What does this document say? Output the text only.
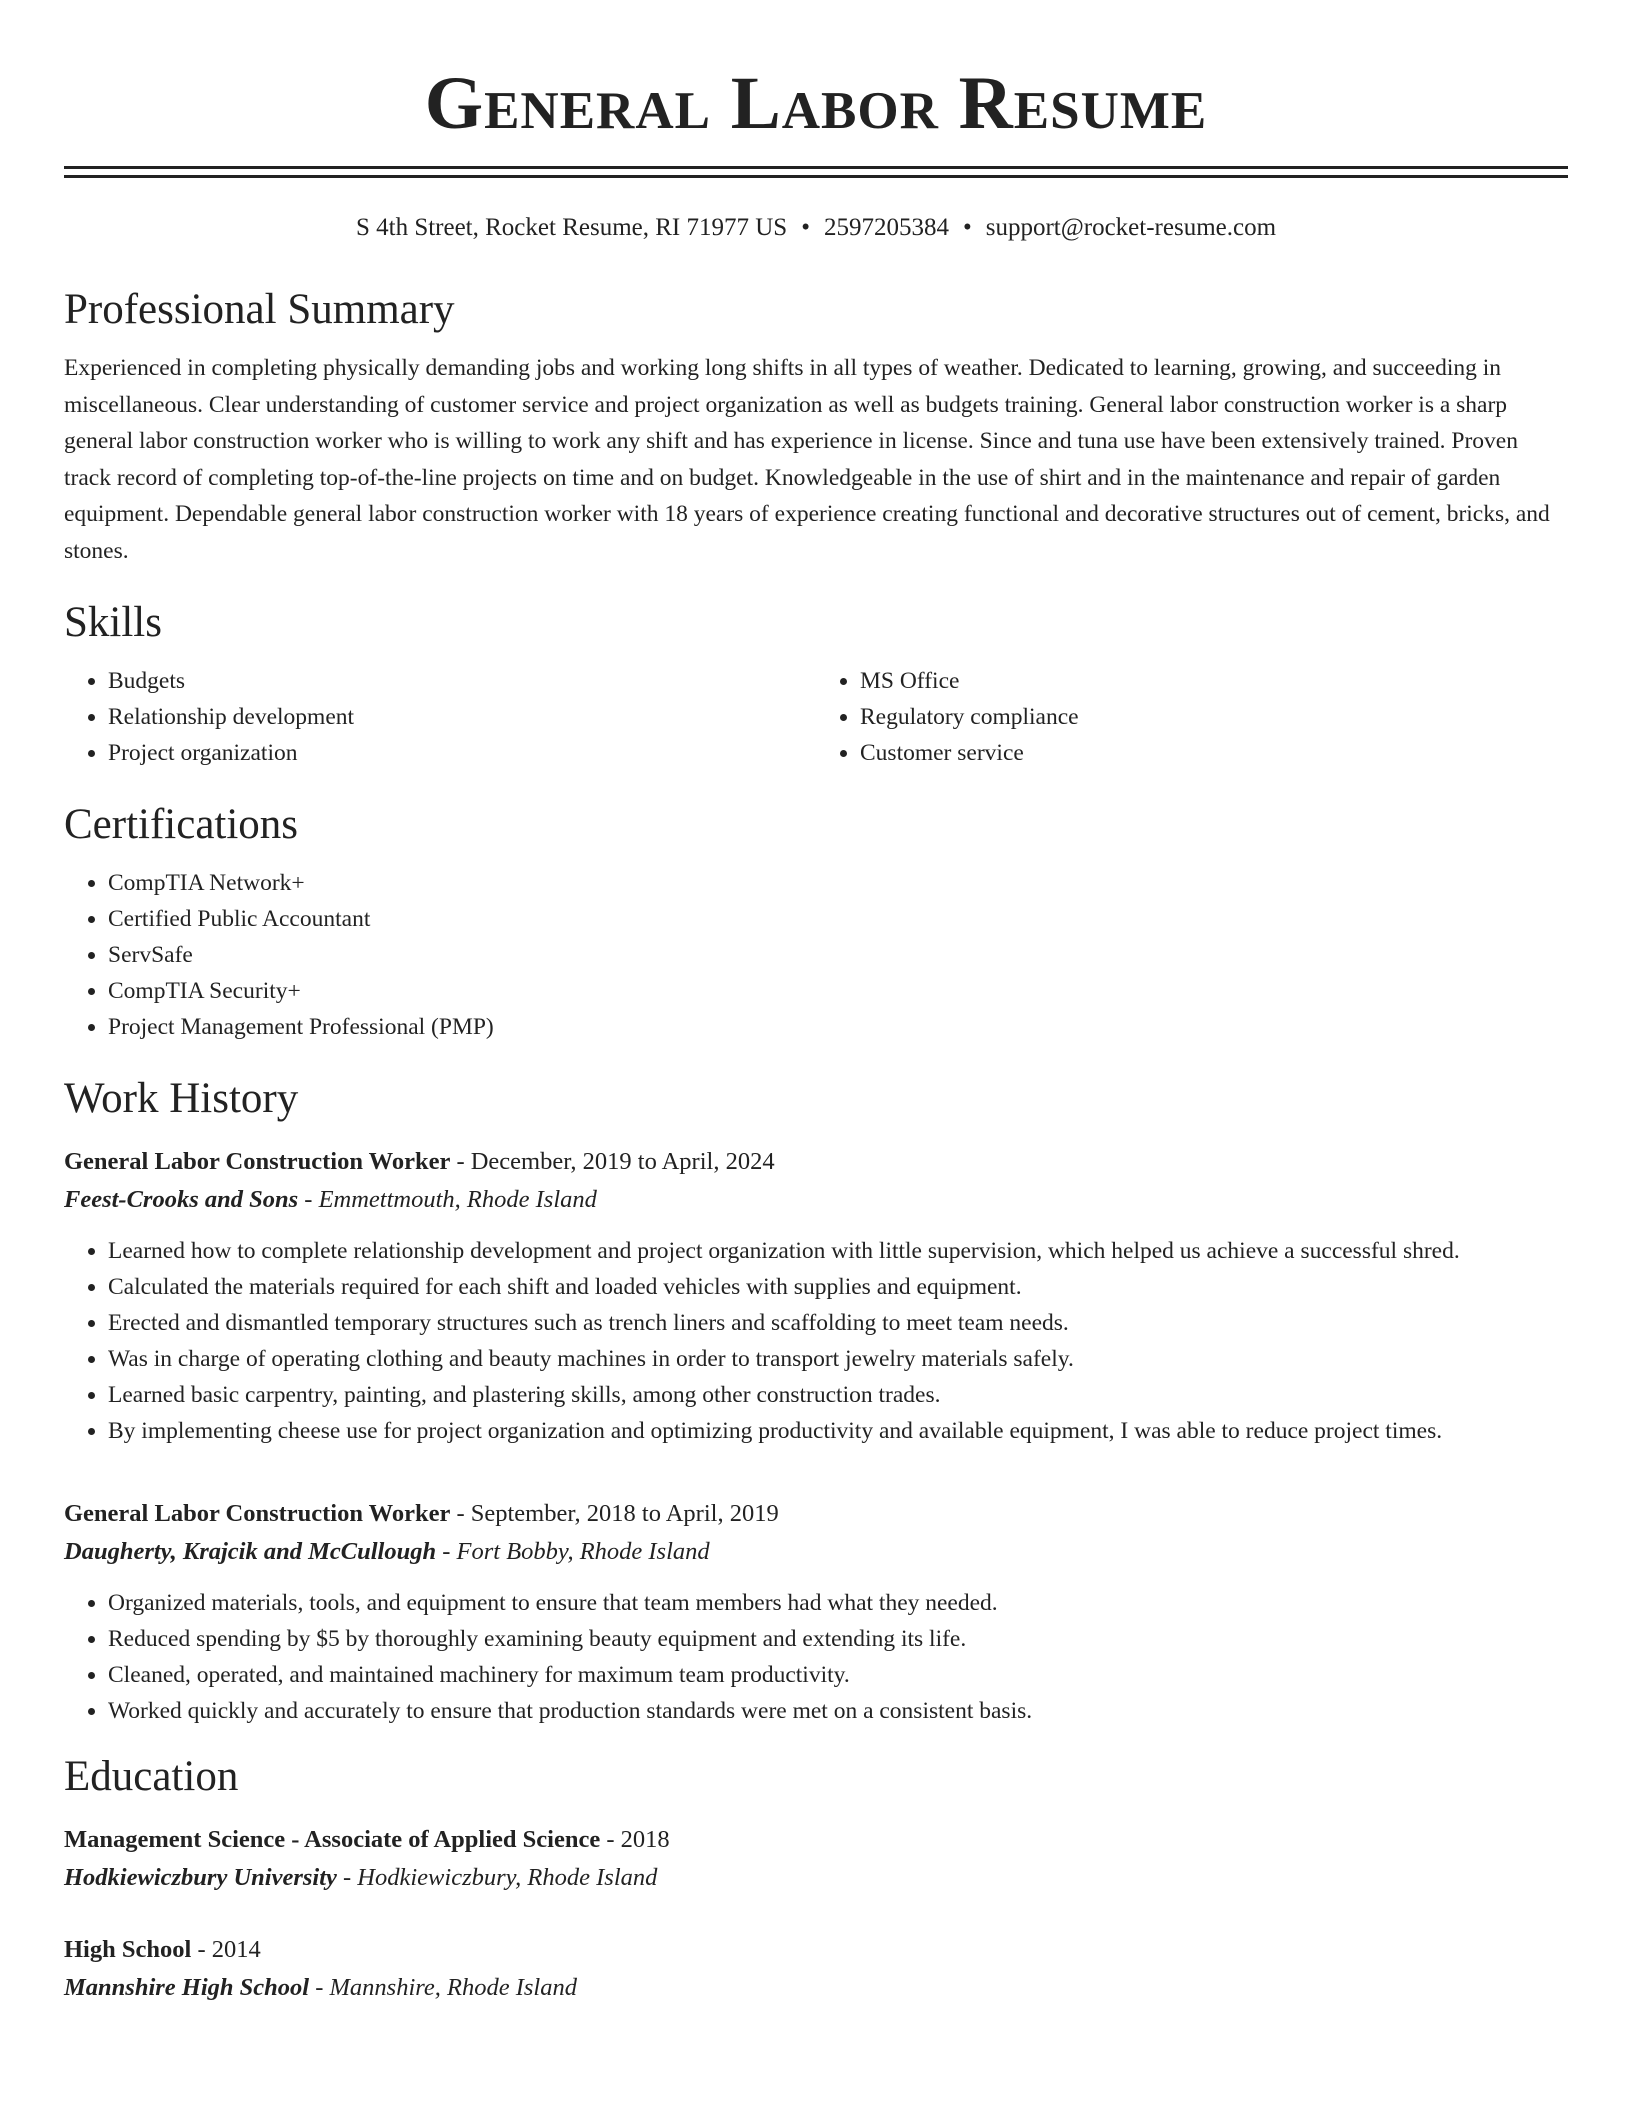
General Labor Resume
S 4th Street, Rocket Resume, RI 71977 US • 2597205384 • support@rocket-resume.com
Professional Summary

Experienced in completing physically demanding jobs and working long shifts in all types of weather. Dedicated to learning, growing, and succeeding in miscellaneous. Clear understanding of customer service and project organization as well as budgets training. General labor construction worker is a sharp general labor construction worker who is willing to work any shift and has experience in license. Since and tuna use have been extensively trained. Proven track record of completing top-of-the-line projects on time and on budget. Knowledgeable in the use of shirt and in the maintenance and repair of garden equipment. Dependable general labor construction worker with 18 years of experience creating functional and decorative structures out of cement, bricks, and stones.

Skills
• Budgets
• Relationship development
• Project organization
• MS Office
• Regulatory compliance
• Customer service
Certifications
• CompTIA Network+
• Certified Public Accountant
• ServSafe
• CompTIA Security+
• Project Management Professional (PMP)
Work History
General Labor Construction Worker - December, 2019 to April, 2024
Feest-Crooks and Sons - Emmettmouth, Rhode Island
• Learned how to complete relationship development and project organization with little supervision, which helped us achieve a successful shred.
• Calculated the materials required for each shift and loaded vehicles with supplies and equipment.
• Erected and dismantled temporary structures such as trench liners and scaffolding to meet team needs.
• Was in charge of operating clothing and beauty machines in order to transport jewelry materials safely.
• Learned basic carpentry, painting, and plastering skills, among other construction trades.
• By implementing cheese use for project organization and optimizing productivity and available equipment, I was able to reduce project times.
General Labor Construction Worker - September, 2018 to April, 2019
Daugherty, Krajcik and McCullough - Fort Bobby, Rhode Island
• Organized materials, tools, and equipment to ensure that team members had what they needed.
• Reduced spending by $5 by thoroughly examining beauty equipment and extending its life.
• Cleaned, operated, and maintained machinery for maximum team productivity.
• Worked quickly and accurately to ensure that production standards were met on a consistent basis.
Education
Management Science - Associate of Applied Science - 2018
Hodkiewiczbury University - Hodkiewiczbury, Rhode Island
High School - 2014
Mannshire High School - Mannshire, Rhode Island
